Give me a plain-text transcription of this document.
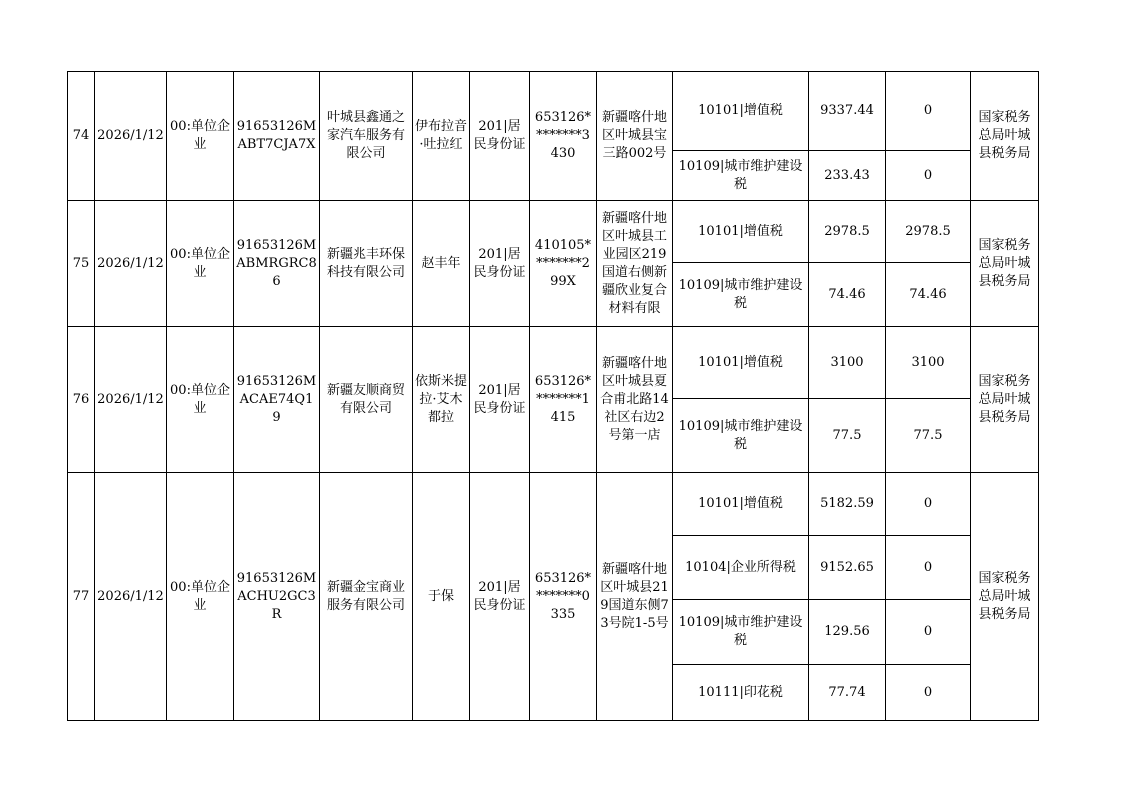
74	2026/1/12	00:单位企业	91653126MABT7CJA7X	叶城县鑫通之家汽车服务有限公司	伊布拉音·吐拉红	201|居民身份证	653126********3430	新疆喀什地区叶城县宝三路002号	10101|增值税	9337.44	0	国家税务总局叶城县税务局
									10109|城市维护建设税	233.43	0	
75	2026/1/12	00:单位企业	91653126MABMRGRC86	新疆兆丰环保科技有限公司	赵丰年	201|居民身份证	410105********299X	新疆喀什地区叶城县工业园区219国道右侧新疆欣业复合材料有限	10101|增值税	2978.5	2978.5	国家税务总局叶城县税务局
									10109|城市维护建设税	74.46	74.46	
76	2026/1/12	00:单位企业	91653126MACAE74Q19	新疆友顺商贸有限公司	依斯米提拉·艾木都拉	201|居民身份证	653126********1415	新疆喀什地区叶城县夏合甫北路14社区右边2号第一店	10101|增值税	3100	3100	国家税务总局叶城县税务局
									10109|城市维护建设税	77.5	77.5	
77	2026/1/12	00:单位企业	91653126MACHU2GC3R	新疆金宝商业服务有限公司	于保	201|居民身份证	653126********0335	新疆喀什地区叶城县219国道东侧73号院1-5号	10101|增值税	5182.59	0	国家税务总局叶城县税务局
									10104|企业所得税	9152.65	0	
									10109|城市维护建设税	129.56	0	
									10111|印花税	77.74	0	
